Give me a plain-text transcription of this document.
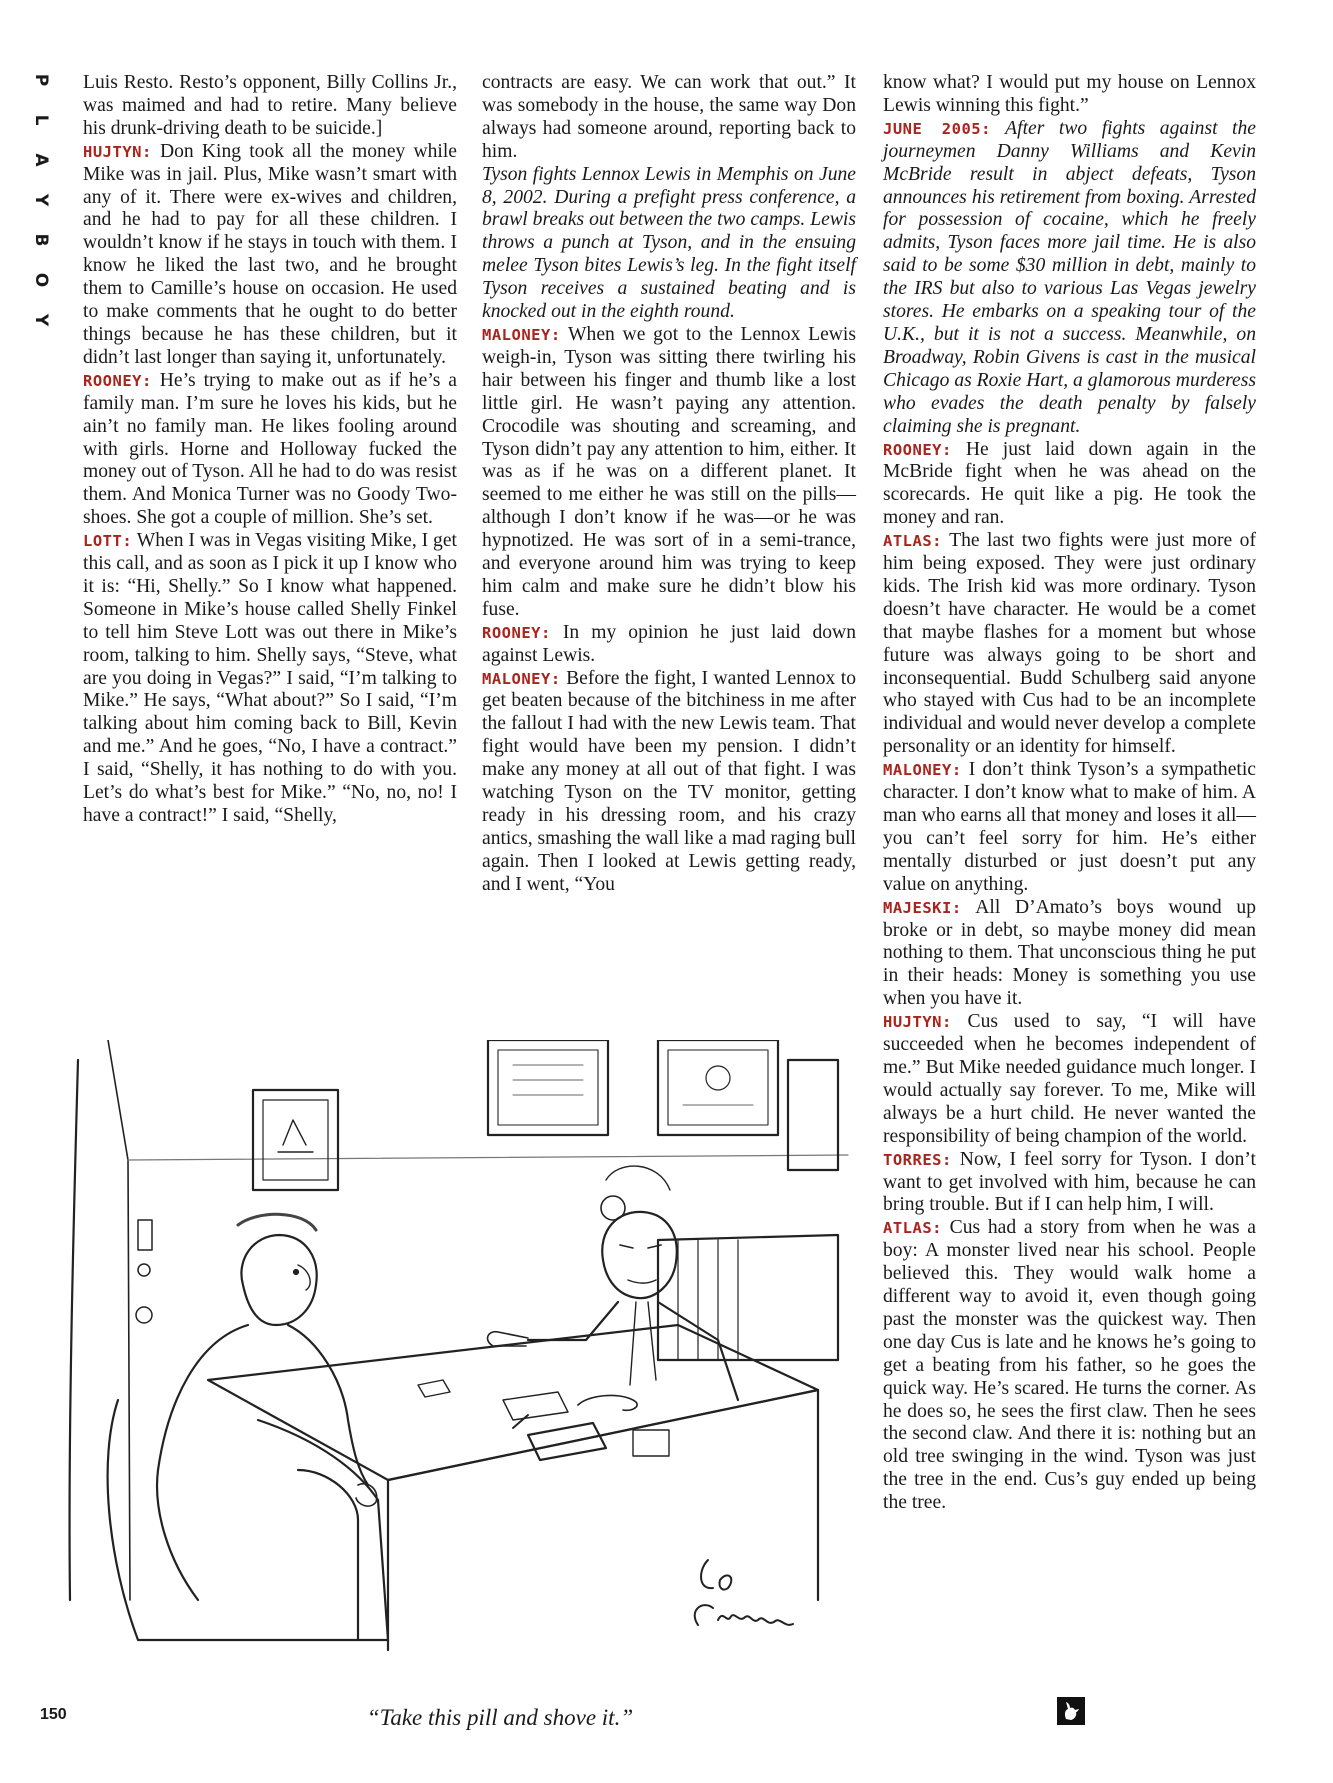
P
L
A
Y
B
O
Y

Luis Resto. Resto’s opponent, Billy Collins Jr., was maimed and had to retire. Many believe his drunk-driving death to be suicide.]

HUJTYN: Don King took all the money while Mike was in jail. Plus, Mike wasn’t smart with any of it. There were ex-wives and children, and he had to pay for all these children. I wouldn’t know if he stays in touch with them. I know he liked the last two, and he brought them to Camille’s house on occasion. He used to make comments that he ought to do better things because he has these children, but it didn’t last longer than saying it, unfortunately.

ROONEY: He’s trying to make out as if he’s a family man. I’m sure he loves his kids, but he ain’t no family man. He likes fooling around with girls. Horne and Holloway fucked the money out of Tyson. All he had to do was resist them. And Monica Turner was no Goody Two-shoes. She got a couple of million. She’s set.

LOTT: When I was in Vegas visiting Mike, I get this call, and as soon as I pick it up I know who it is: “Hi, Shelly.” So I know what happened. Someone in Mike’s house called Shelly Finkel to tell him Steve Lott was out there in Mike’s room, talking to him. Shelly says, “Steve, what are you doing in Vegas?” I said, “I’m talking to Mike.” He says, “What about?” So I said, “I’m talking about him coming back to Bill, Kevin and me.” And he goes, “No, I have a contract.” I said, “Shelly, it has nothing to do with you. Let’s do what’s best for Mike.” “No, no, no! I have a contract!” I said, “Shelly,

contracts are easy. We can work that out.” It was somebody in the house, the same way Don always had someone around, reporting back to him.

Tyson fights Lennox Lewis in Memphis on June 8, 2002. During a prefight press conference, a brawl breaks out between the two camps. Lewis throws a punch at Tyson, and in the ensuing melee Tyson bites Lewis’s leg. In the fight itself Tyson receives a sustained beating and is knocked out in the eighth round.

MALONEY: When we got to the Lennox Lewis weigh-in, Tyson was sitting there twirling his hair between his finger and thumb like a lost little girl. He wasn’t paying any attention. Crocodile was shouting and screaming, and Tyson didn’t pay any attention to him, either. It was as if he was on a different planet. It seemed to me either he was still on the pills—although I don’t know if he was—or he was hypnotized. He was sort of in a semi-trance, and everyone around him was trying to keep him calm and make sure he didn’t blow his fuse.

ROONEY: In my opinion he just laid down against Lewis.

MALONEY: Before the fight, I wanted Lennox to get beaten because of the bitchiness in me after the fallout I had with the new Lewis team. That fight would have been my pension. I didn’t make any money at all out of that fight. I was watching Tyson on the TV monitor, getting ready in his dressing room, and his crazy antics, smashing the wall like a mad raging bull again. Then I looked at Lewis getting ready, and I went, “You

know what? I would put my house on Lennox Lewis winning this fight.”

JUNE 2005: After two fights against the journeymen Danny Williams and Kevin McBride result in abject defeats, Tyson announces his retirement from boxing. Arrested for possession of cocaine, which he freely admits, Tyson faces more jail time. He is also said to be some $30 million in debt, mainly to the IRS but also to various Las Vegas jewelry stores. He embarks on a speaking tour of the U.K., but it is not a success. Meanwhile, on Broadway, Robin Givens is cast in the musical Chicago as Roxie Hart, a glamorous murderess who evades the death penalty by falsely claiming she is pregnant.

ROONEY: He just laid down again in the McBride fight when he was ahead on the scorecards. He quit like a pig. He took the money and ran.

ATLAS: The last two fights were just more of him being exposed. They were just ordinary kids. The Irish kid was more ordinary. Tyson doesn’t have character. He would be a comet that maybe flashes for a moment but whose future was always going to be short and inconsequential. Budd Schulberg said anyone who stayed with Cus had to be an incomplete individual and would never develop a complete personality or an identity for himself.

MALONEY: I don’t think Tyson’s a sympathetic character. I don’t know what to make of him. A man who earns all that money and loses it all—you can’t feel sorry for him. He’s either mentally disturbed or just doesn’t put any value on anything.

MAJESKI: All D’Amato’s boys wound up broke or in debt, so maybe money did mean nothing to them. That unconscious thing he put in their heads: Money is something you use when you have it.

HUJTYN: Cus used to say, “I will have succeeded when he becomes independent of me.” But Mike needed guidance much longer. I would actually say forever. To me, Mike will always be a hurt child. He never wanted the responsibility of being champion of the world.

TORRES: Now, I feel sorry for Tyson. I don’t want to get involved with him, because he can bring trouble. But if I can help him, I will.

ATLAS: Cus had a story from when he was a boy: A monster lived near his school. People believed this. They would walk home a different way to avoid it, even though going past the monster was the quickest way. Then one day Cus is late and he knows he’s going to get a beating from his father, so he goes the quick way. He’s scared. He turns the corner. As he does so, he sees the first claw. Then he sees the second claw. And there it is: nothing but an old tree swinging in the wind. Tyson was just the tree in the end. Cus’s guy ended up being the tree.

150	“Take this pill and shove it.”
